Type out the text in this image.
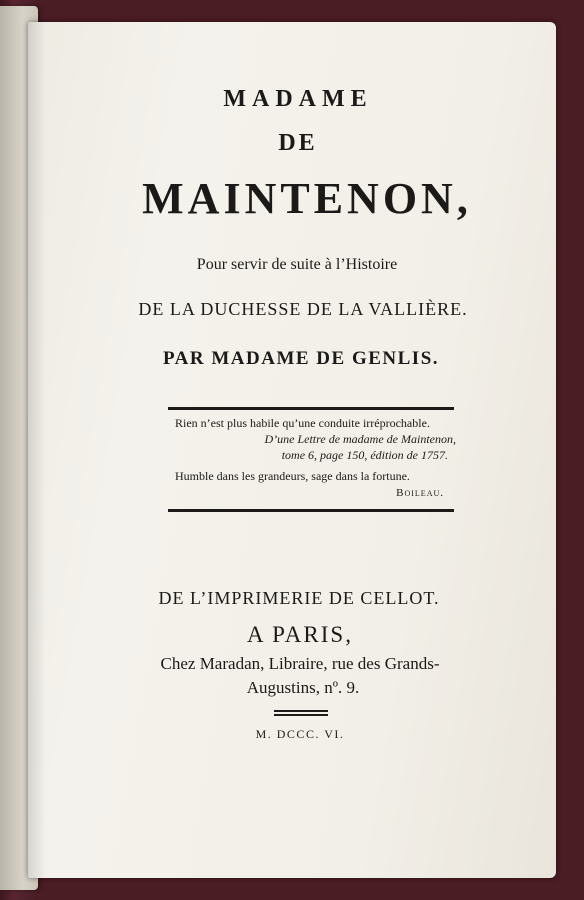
MADAME
DE
MAINTENON,
Pour servir de suite à l’Histoire
DE LA DUCHESSE DE LA VALLIÈRE.
PAR MADAME DE GENLIS.
Rien n’est plus habile qu’une conduite irréprochable.
D’une Lettre de madame de Maintenon,
tome 6, page 150, édition de 1757.
Humble dans les grandeurs, sage dans la fortune.
Boileau.
DE L’IMPRIMERIE DE CELLOT.
A PARIS,
Chez Maradan, Libraire, rue des Grands-
Augustins, nº. 9.
M. DCCC. VI.
